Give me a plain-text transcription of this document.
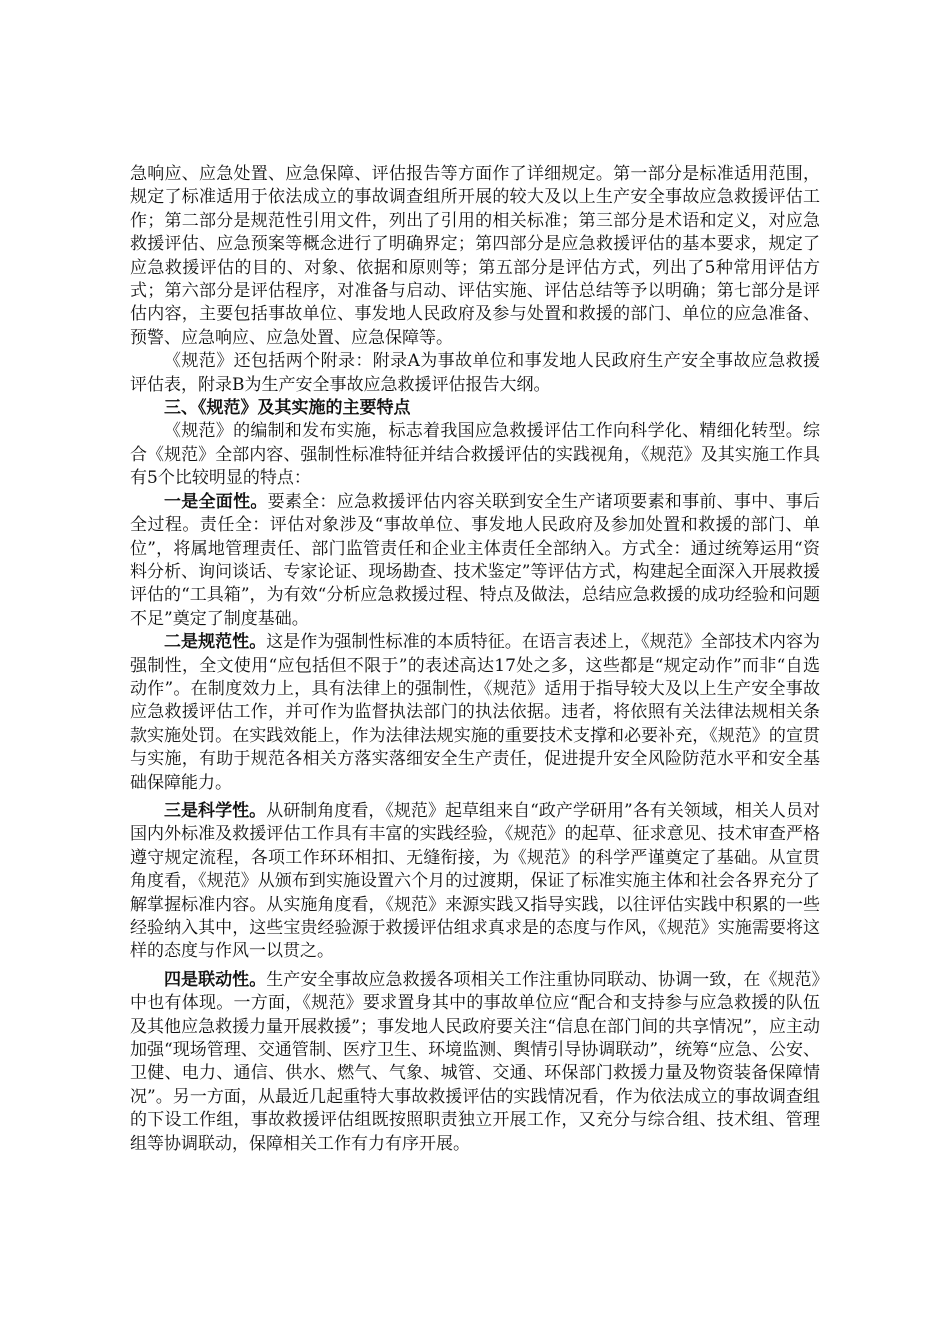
急响应、应急处置、应急保障、评估报告等方面作了详细规定。第一部分是标准适用范围，规定了标准适用于依法成立的事故调查组所开展的较大及以上生产安全事故应急救援评估工作；第二部分是规范性引用文件，列出了引用的相关标准；第三部分是术语和定义，对应急救援评估、应急预案等概念进行了明确界定；第四部分是应急救援评估的基本要求，规定了应急救援评估的目的、对象、依据和原则等；第五部分是评估方式，列出了5种常用评估方式；第六部分是评估程序，对准备与启动、评估实施、评估总结等予以明确；第七部分是评估内容，主要包括事故单位、事发地人民政府及参与处置和救援的部门、单位的应急准备、预警、应急响应、应急处置、应急保障等。

《规范》还包括两个附录：附录A为事故单位和事发地人民政府生产安全事故应急救援评估表，附录B为生产安全事故应急救援评估报告大纲。

三、《规范》及其实施的主要特点

《规范》的编制和发布实施，标志着我国应急救援评估工作向科学化、精细化转型。综合《规范》全部内容、强制性标准特征并结合救援评估的实践视角，《规范》及其实施工作具有5个比较明显的特点：

一是全面性。要素全：应急救援评估内容关联到安全生产诸项要素和事前、事中、事后全过程。责任全：评估对象涉及“事故单位、事发地人民政府及参加处置和救援的部门、单位”，将属地管理责任、部门监管责任和企业主体责任全部纳入。方式全：通过统筹运用“资料分析、询问谈话、专家论证、现场勘查、技术鉴定”等评估方式，构建起全面深入开展救援评估的“工具箱”，为有效“分析应急救援过程、特点及做法，总结应急救援的成功经验和问题不足”奠定了制度基础。

二是规范性。这是作为强制性标准的本质特征。在语言表述上，《规范》全部技术内容为强制性，全文使用“应包括但不限于”的表述高达17处之多，这些都是“规定动作”而非“自选动作”。在制度效力上，具有法律上的强制性，《规范》适用于指导较大及以上生产安全事故应急救援评估工作，并可作为监督执法部门的执法依据。违者，将依照有关法律法规相关条款实施处罚。在实践效能上，作为法律法规实施的重要技术支撑和必要补充，《规范》的宣贯与实施，有助于规范各相关方落实落细安全生产责任，促进提升安全风险防范水平和安全基础保障能力。

三是科学性。从研制角度看，《规范》起草组来自“政产学研用”各有关领域，相关人员对国内外标准及救援评估工作具有丰富的实践经验，《规范》的起草、征求意见、技术审查严格遵守规定流程，各项工作环环相扣、无缝衔接，为《规范》的科学严谨奠定了基础。从宣贯角度看，《规范》从颁布到实施设置六个月的过渡期，保证了标准实施主体和社会各界充分了解掌握标准内容。从实施角度看，《规范》来源实践又指导实践，以往评估实践中积累的一些经验纳入其中，这些宝贵经验源于救援评估组求真求是的态度与作风，《规范》实施需要将这样的态度与作风一以贯之。

四是联动性。生产安全事故应急救援各项相关工作注重协同联动、协调一致，在《规范》中也有体现。一方面，《规范》要求置身其中的事故单位应“配合和支持参与应急救援的队伍及其他应急救援力量开展救援”；事发地人民政府要关注“信息在部门间的共享情况”，应主动加强“现场管理、交通管制、医疗卫生、环境监测、舆情引导协调联动”，统筹“应急、公安、卫健、电力、通信、供水、燃气、气象、城管、交通、环保部门救援力量及物资装备保障情况”。另一方面，从最近几起重特大事故救援评估的实践情况看，作为依法成立的事故调查组的下设工作组，事故救援评估组既按照职责独立开展工作，又充分与综合组、技术组、管理组等协调联动，保障相关工作有力有序开展。
